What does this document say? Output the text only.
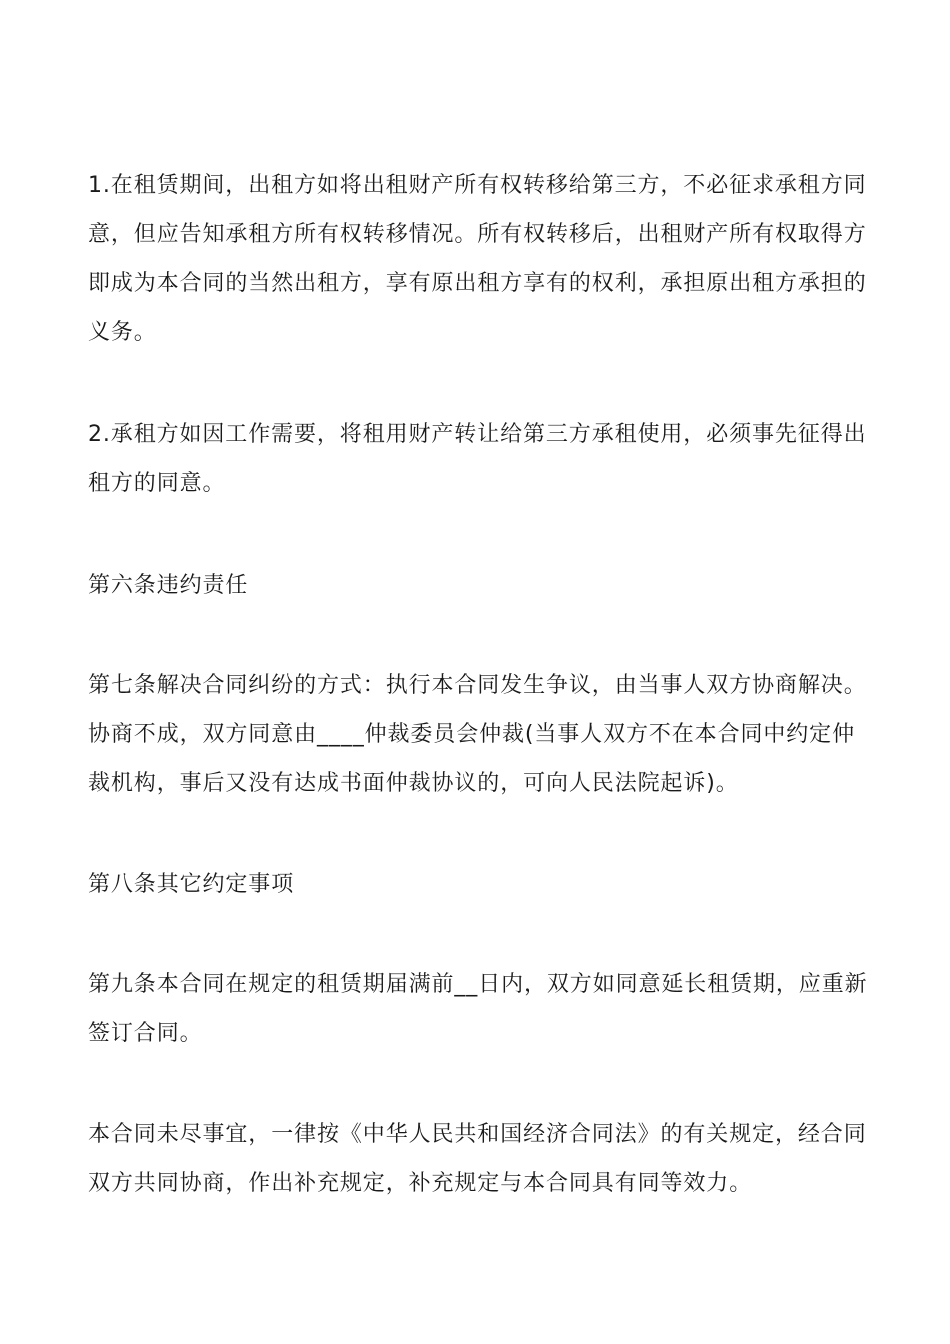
1.在租赁期间，出租方如将出租财产所有权转移给第三方，不必征求承租方同意，但应告知承租方所有权转移情况。所有权转移后，出租财产所有权取得方即成为本合同的当然出租方，享有原出租方享有的权利，承担原出租方承担的义务。

2.承租方如因工作需要，将租用财产转让给第三方承租使用，必须事先征得出租方的同意。

第六条违约责任

第七条解决合同纠纷的方式：执行本合同发生争议，由当事人双方协商解决。协商不成，双方同意由____仲裁委员会仲裁(当事人双方不在本合同中约定仲裁机构，事后又没有达成书面仲裁协议的，可向人民法院起诉)。

第八条其它约定事项

第九条本合同在规定的租赁期届满前__日内，双方如同意延长租赁期，应重新签订合同。

本合同未尽事宜，一律按《中华人民共和国经济合同法》的有关规定，经合同双方共同协商，作出补充规定，补充规定与本合同具有同等效力。
